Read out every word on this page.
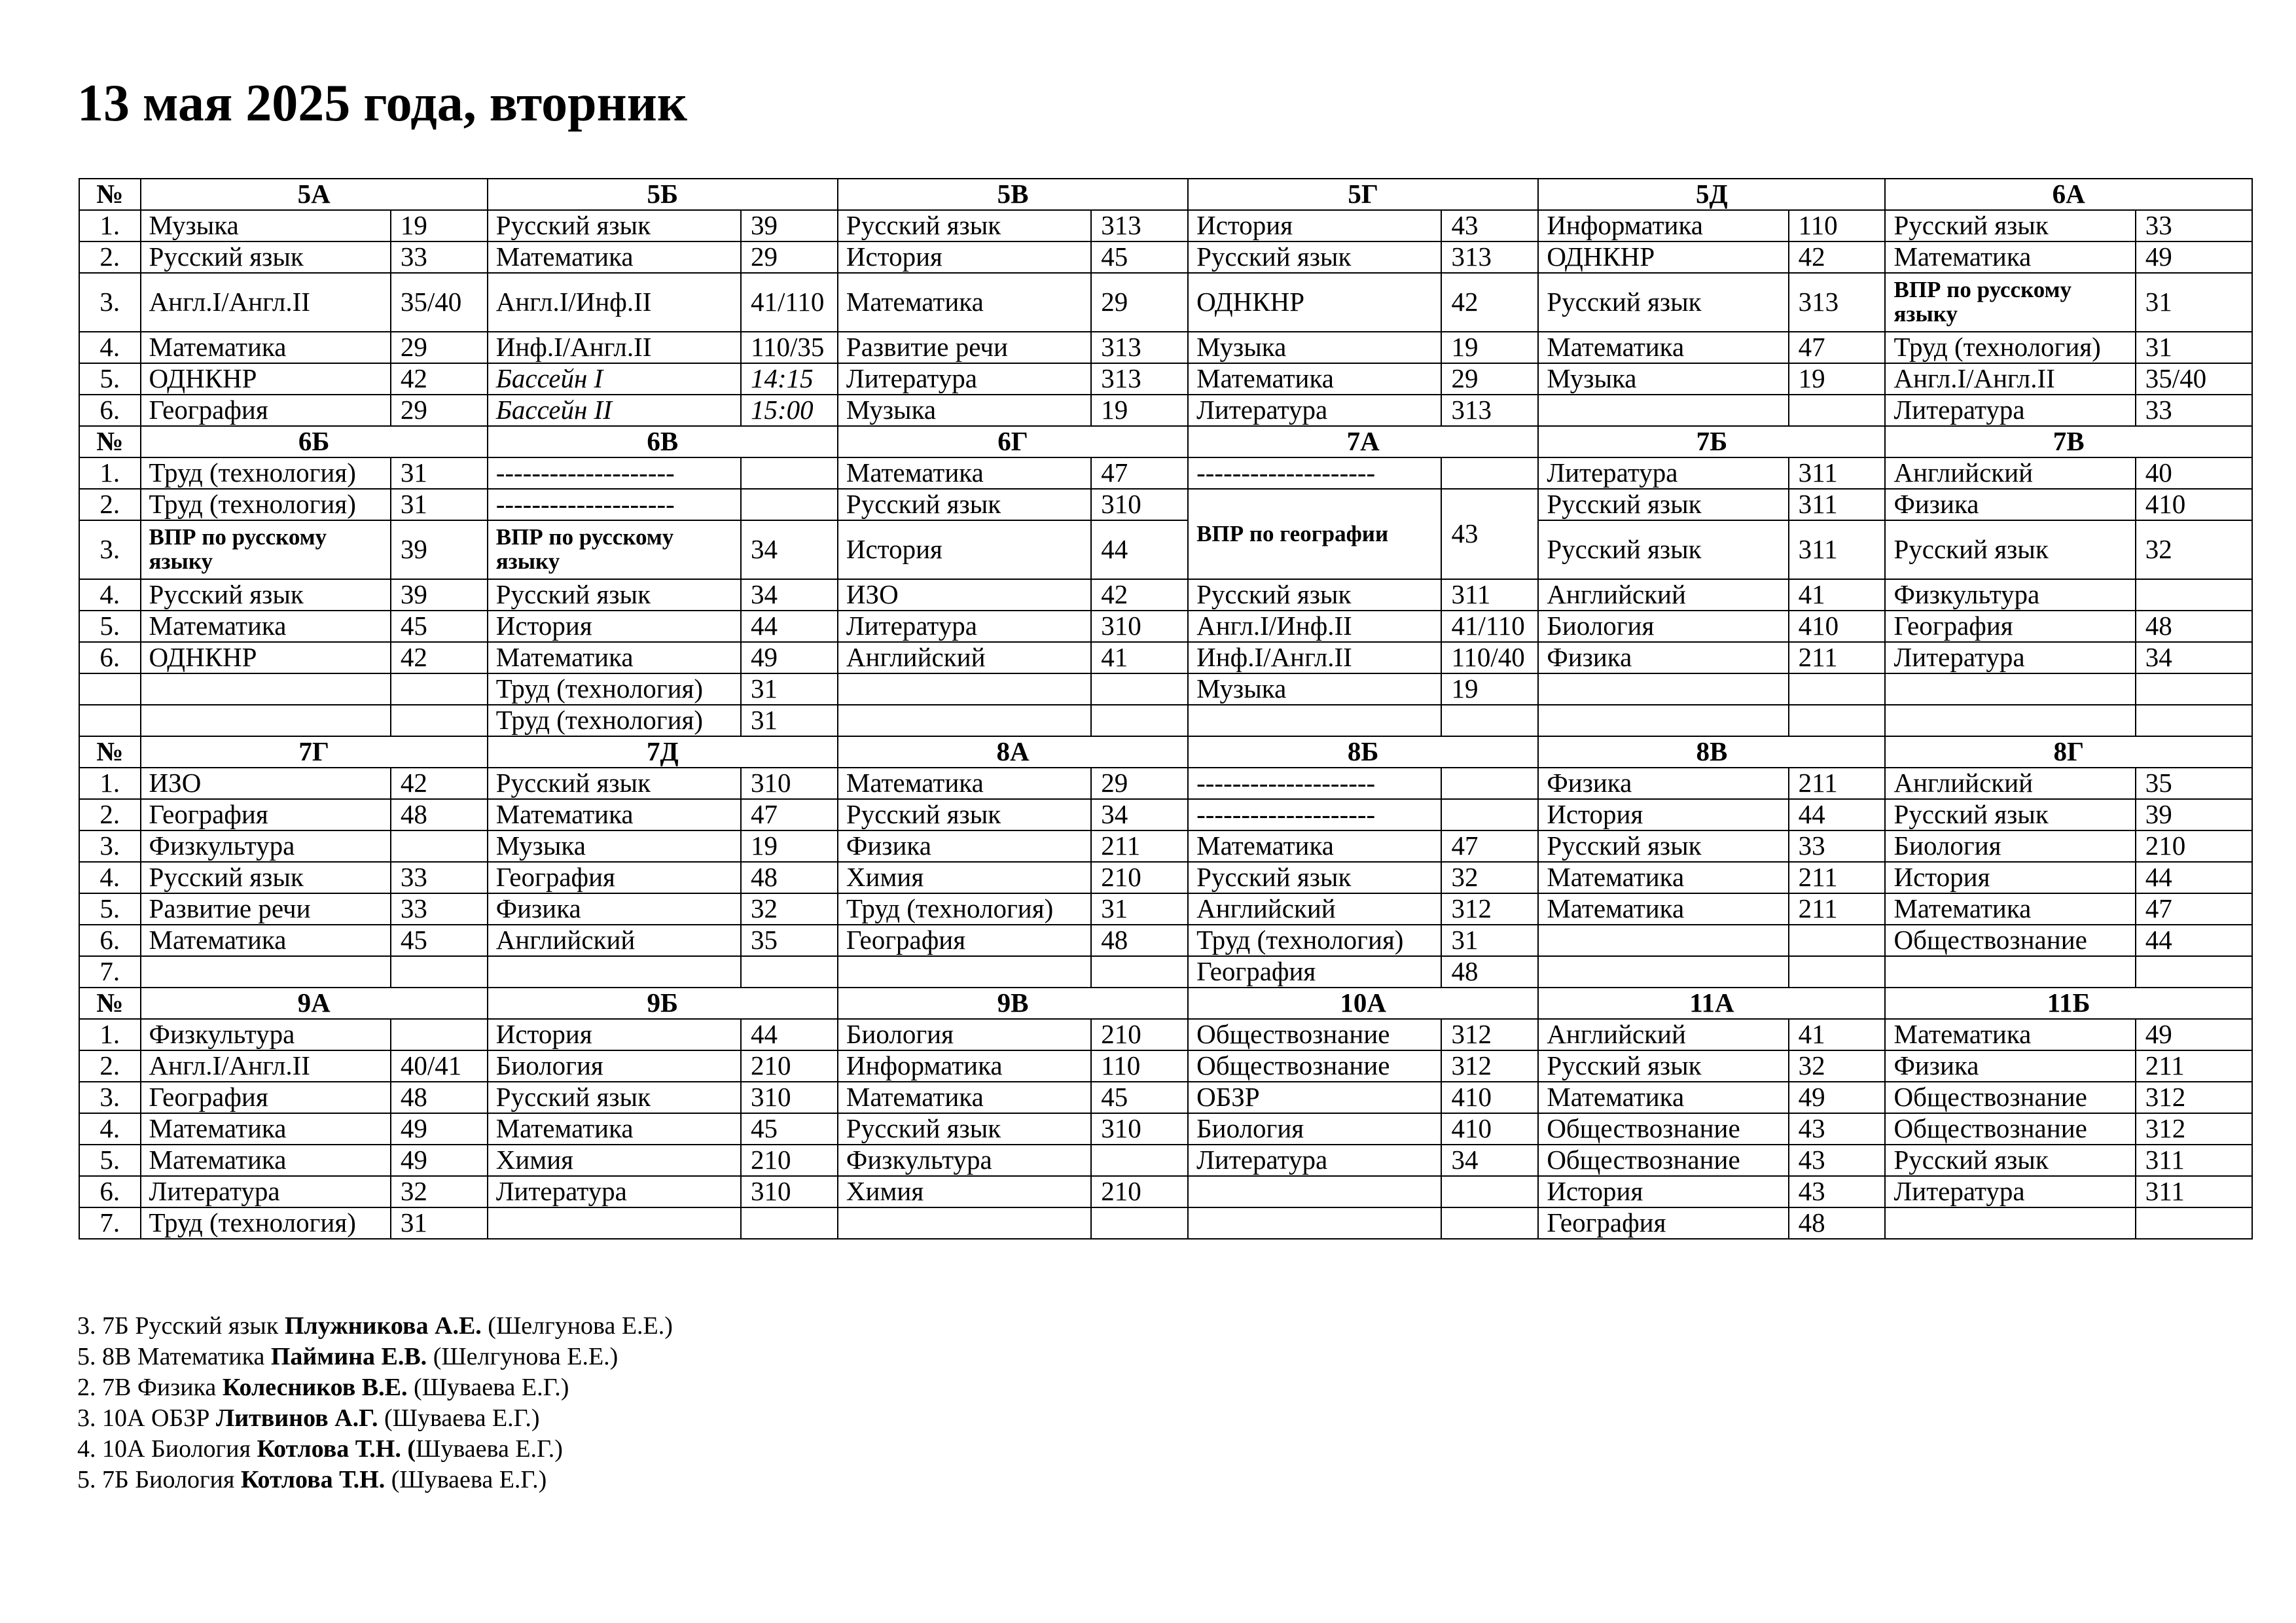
13 мая 2025 года, вторник
№	5А		5Б		5В		5Г		5Д		6А	
1.	Музыка	19	Русский язык	39	Русский язык	313	История	43	Информатика	110	Русский язык	33
2.	Русский язык	33	Математика	29	История	45	Русский язык	313	ОДНКНР	42	Математика	49
3.	Англ.I/Англ.II	35/40	Англ.I/Инф.II	41/110	Математика	29	ОДНКНР	42	Русский язык	313	ВПР по русскому языку	31
4.	Математика	29	Инф.I/Англ.II	110/35	Развитие речи	313	Музыка	19	Математика	47	Труд (технология)	31
5.	ОДНКНР	42	Бассейн I	14:15	Литература	313	Математика	29	Музыка	19	Англ.I/Англ.II	35/40
6.	География	29	Бассейн II	15:00	Музыка	19	Литература	313			Литература	33
№	6Б		6В		6Г		7А		7Б		7В	
1.	Труд (технология)	31	--------------------		Математика	47	--------------------		Литература	311	Английский	40
2.	Труд (технология)	31	--------------------		Русский язык	310	ВПР по географии	43	Русский язык	311	Физика	410
3.	ВПР по русскому языку	39	ВПР по русскому языку	34	История	44			Русский язык	311	Русский язык	32
4.	Русский язык	39	Русский язык	34	ИЗО	42	Русский язык	311	Английский	41	Физкультура	
5.	Математика	45	История	44	Литература	310	Англ.I/Инф.II	41/110	Биология	410	География	48
6.	ОДНКНР	42	Математика	49	Английский	41	Инф.I/Англ.II	110/40	Физика	211	Литература	34
			Труд (технология)	31			Музыка	19				
			Труд (технология)	31								
№	7Г		7Д		8А		8Б		8В		8Г	
1.	ИЗО	42	Русский язык	310	Математика	29	--------------------		Физика	211	Английский	35
2.	География	48	Математика	47	Русский язык	34	--------------------		История	44	Русский язык	39
3.	Физкультура		Музыка	19	Физика	211	Математика	47	Русский язык	33	Биология	210
4.	Русский язык	33	География	48	Химия	210	Русский язык	32	Математика	211	История	44
5.	Развитие речи	33	Физика	32	Труд (технология)	31	Английский	312	Математика	211	Математика	47
6.	Математика	45	Английский	35	География	48	Труд (технология)	31			Обществознание	44
7.							География	48				
№	9А		9Б		9В		10А		11А		11Б	
1.	Физкультура		История	44	Биология	210	Обществознание	312	Английский	41	Математика	49
2.	Англ.I/Англ.II	40/41	Биология	210	Информатика	110	Обществознание	312	Русский язык	32	Физика	211
3.	География	48	Русский язык	310	Математика	45	ОБЗР	410	Математика	49	Обществознание	312
4.	Математика	49	Математика	45	Русский язык	310	Биология	410	Обществознание	43	Обществознание	312
5.	Математика	49	Химия	210	Физкультура		Литература	34	Обществознание	43	Русский язык	311
6.	Литература	32	Литература	310	Химия	210			История	43	Литература	311
7.	Труд (технология)	31							География	48		
3. 7Б Русский язык Плужникова А.Е. (Шелгунова Е.Е.)
5. 8В Математика Паймина Е.В. (Шелгунова Е.Е.)
2. 7В Физика Колесников В.Е. (Шуваева Е.Г.)
3. 10А ОБЗР Литвинов А.Г. (Шуваева Е.Г.)
4. 10А Биология Котлова Т.Н. (Шуваева Е.Г.)
5. 7Б Биология Котлова Т.Н. (Шуваева Е.Г.)
